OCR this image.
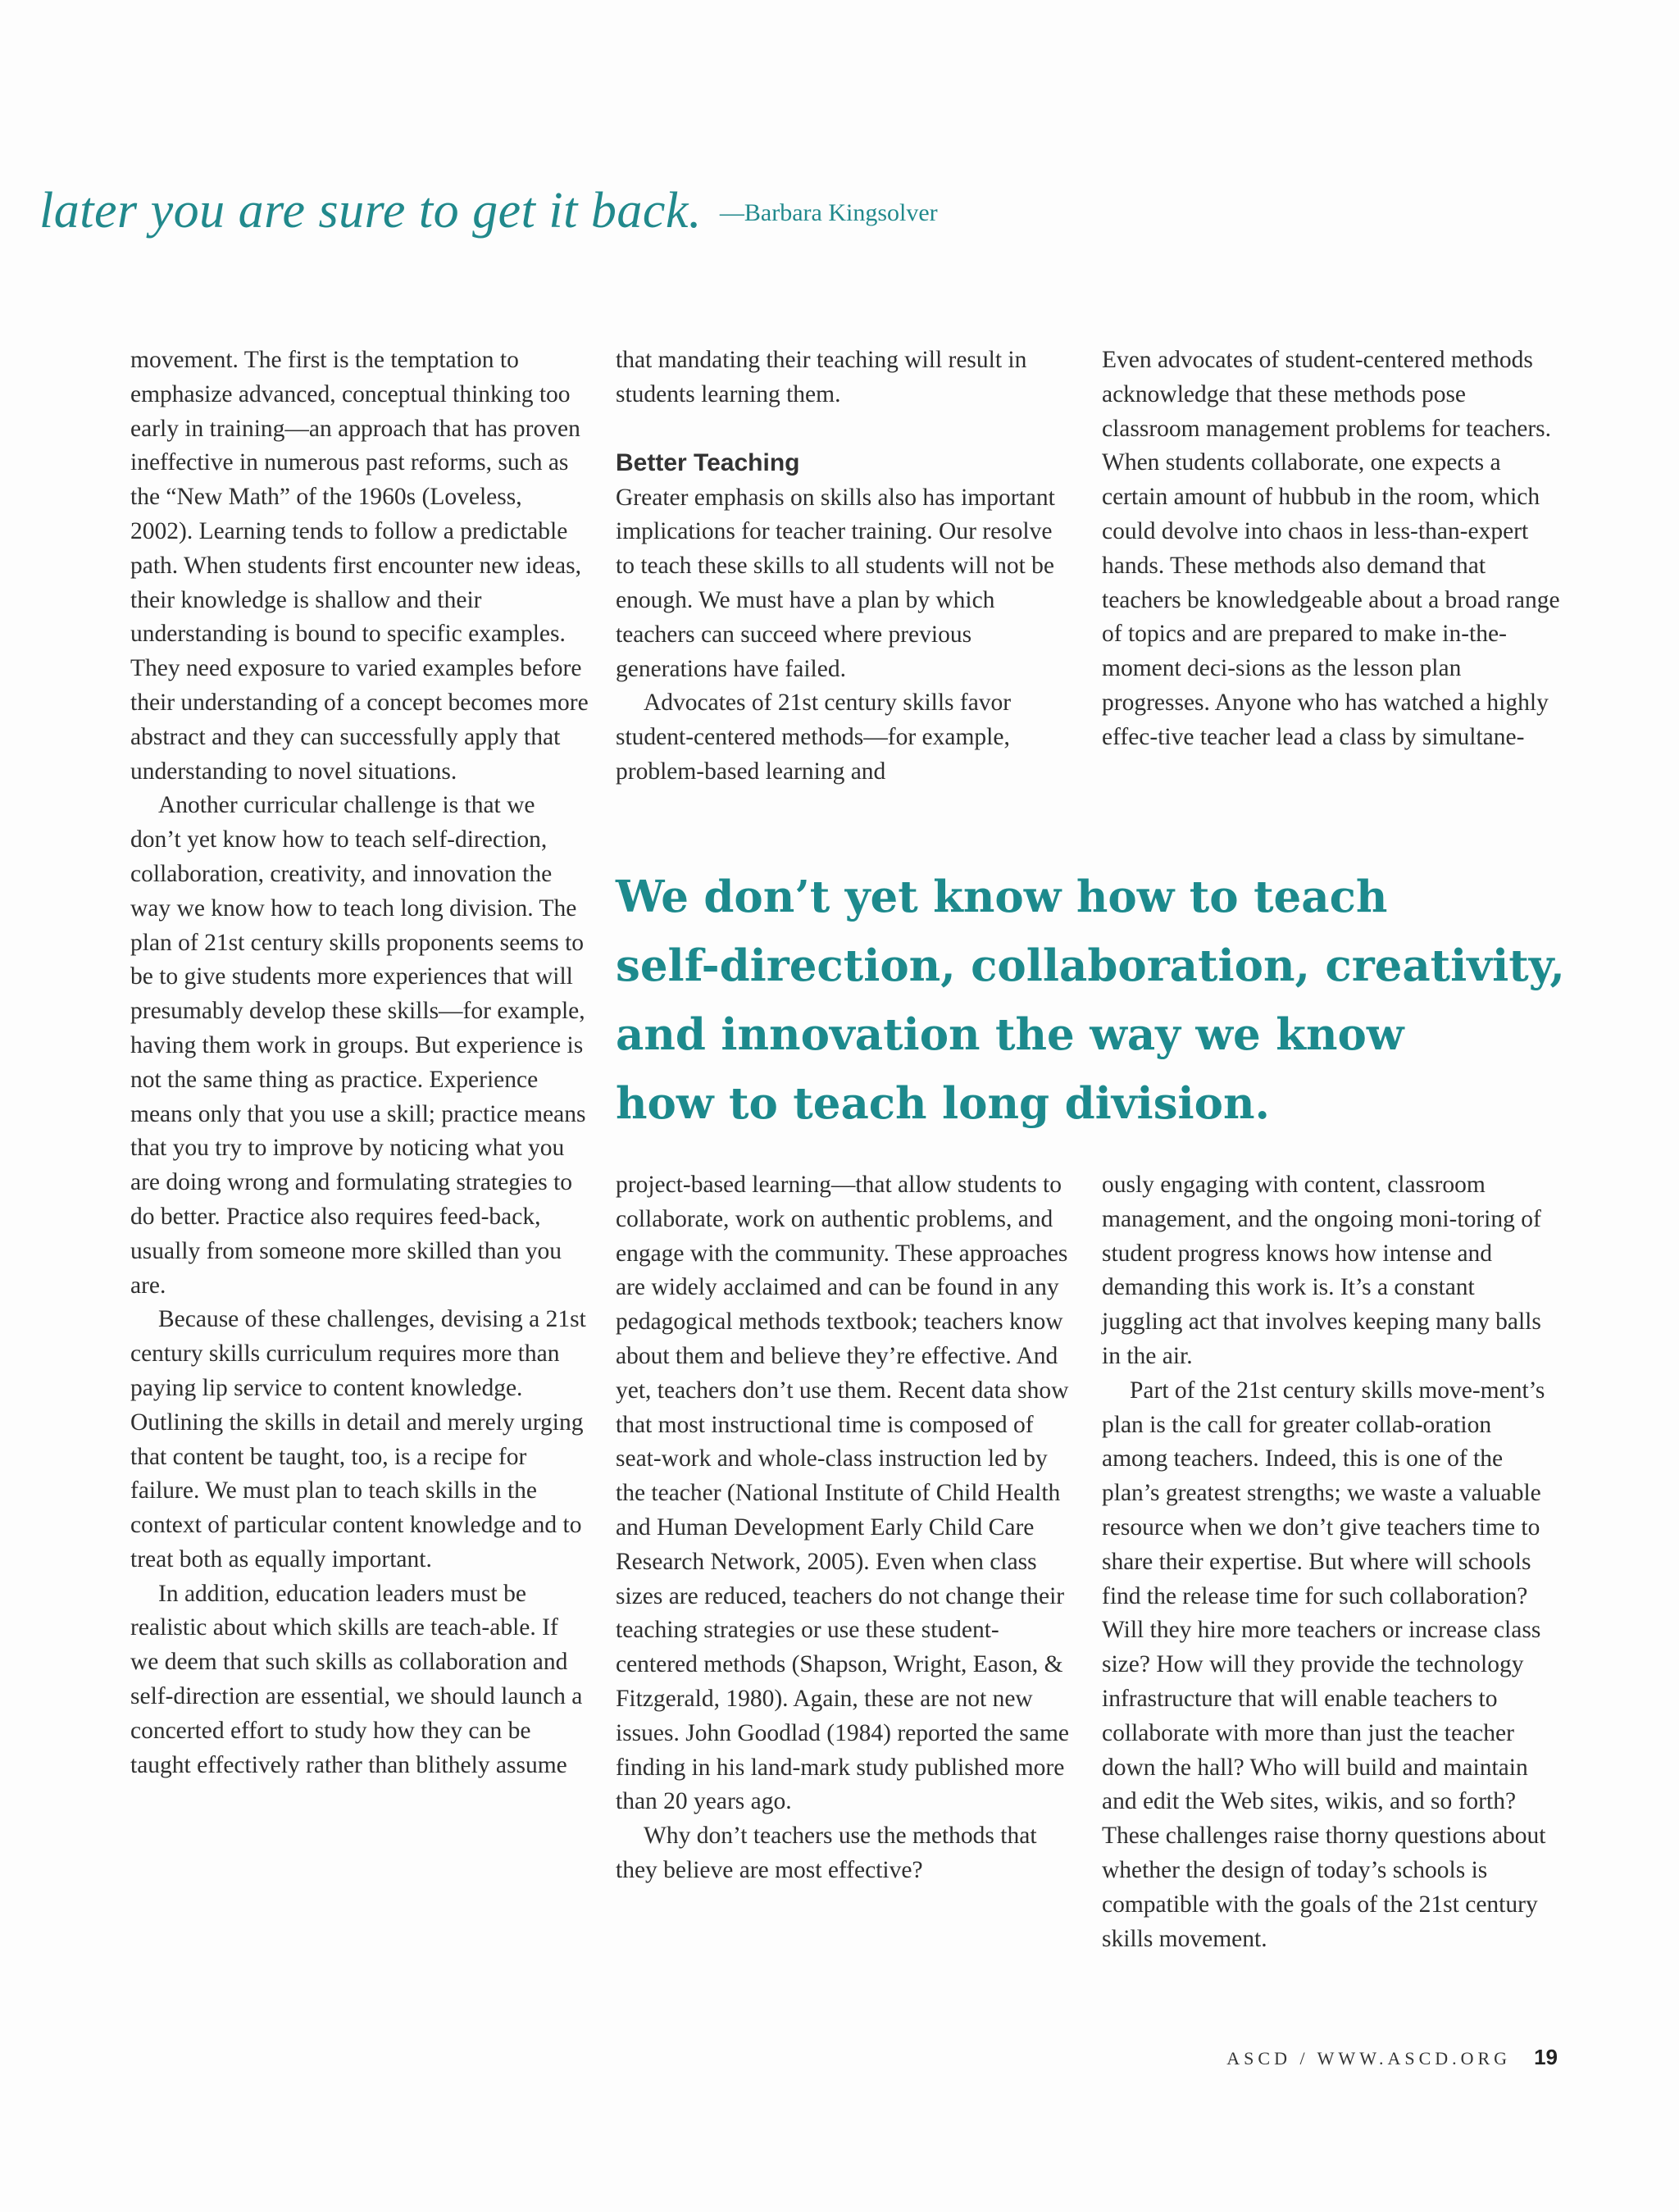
later you are sure to get it back. —Barbara Kingsolver

movement. The first is the temptation to emphasize advanced, conceptual thinking too early in training—an approach that has proven ineffective in numerous past reforms, such as the “New Math” of the 1960s (Loveless, 2002). Learning tends to follow a predictable path. When students first encounter new ideas, their knowledge is shallow and their understanding is bound to specific examples. They need exposure to varied examples before their understanding of a concept becomes more abstract and they can successfully apply that understanding to novel situations.

Another curricular challenge is that we don’t yet know how to teach self-direction, collaboration, creativity, and innovation the way we know how to teach long division. The plan of 21st century skills proponents seems to be to give students more experiences that will presumably develop these skills—for example, having them work in groups. But experience is not the same thing as practice. Experience means only that you use a skill; practice means that you try to improve by noticing what you are doing wrong and formulating strategies to do better. Practice also requires feed-back, usually from someone more skilled than you are.

Because of these challenges, devising a 21st century skills curriculum requires more than paying lip service to content knowledge. Outlining the skills in detail and merely urging that content be taught, too, is a recipe for failure. We must plan to teach skills in the context of particular content knowledge and to treat both as equally important.

In addition, education leaders must be realistic about which skills are teach-able. If we deem that such skills as collaboration and self-direction are essential, we should launch a concerted effort to study how they can be taught effectively rather than blithely assume

that mandating their teaching will result in students learning them.

Better Teaching

Greater emphasis on skills also has important implications for teacher training. Our resolve to teach these skills to all students will not be enough. We must have a plan by which teachers can succeed where previous generations have failed.

Advocates of 21st century skills favor student-centered methods—for example, problem-based learning and

Even advocates of student-centered methods acknowledge that these methods pose classroom management problems for teachers. When students collaborate, one expects a certain amount of hubbub in the room, which could devolve into chaos in less-than-expert hands. These methods also demand that teachers be knowledgeable about a broad range of topics and are prepared to make in-the-moment deci-sions as the lesson plan progresses. Anyone who has watched a highly effec-tive teacher lead a class by simultane-

We don’t yet know how to teach
self-direction, collaboration, creativity,
and innovation the way we know
how to teach long division.

project-based learning—that allow students to collaborate, work on authentic problems, and engage with the community. These approaches are widely acclaimed and can be found in any pedagogical methods textbook; teachers know about them and believe they’re effective. And yet, teachers don’t use them. Recent data show that most instructional time is composed of seat-work and whole-class instruction led by the teacher (National Institute of Child Health and Human Development Early Child Care Research Network, 2005). Even when class sizes are reduced, teachers do not change their teaching strategies or use these student-centered methods (Shapson, Wright, Eason, & Fitzgerald, 1980). Again, these are not new issues. John Goodlad (1984) reported the same finding in his land-mark study published more than 20 years ago.

Why don’t teachers use the methods that they believe are most effective?

ously engaging with content, classroom management, and the ongoing moni-toring of student progress knows how intense and demanding this work is. It’s a constant juggling act that involves keeping many balls in the air.

Part of the 21st century skills move-ment’s plan is the call for greater collab-oration among teachers. Indeed, this is one of the plan’s greatest strengths; we waste a valuable resource when we don’t give teachers time to share their expertise. But where will schools find the release time for such collaboration? Will they hire more teachers or increase class size? How will they provide the technology infrastructure that will enable teachers to collaborate with more than just the teacher down the hall? Who will build and maintain and edit the Web sites, wikis, and so forth? These challenges raise thorny questions about whether the design of today’s schools is compatible with the goals of the 21st century skills movement.

ASCD / WWW.ASCD.ORG 19
